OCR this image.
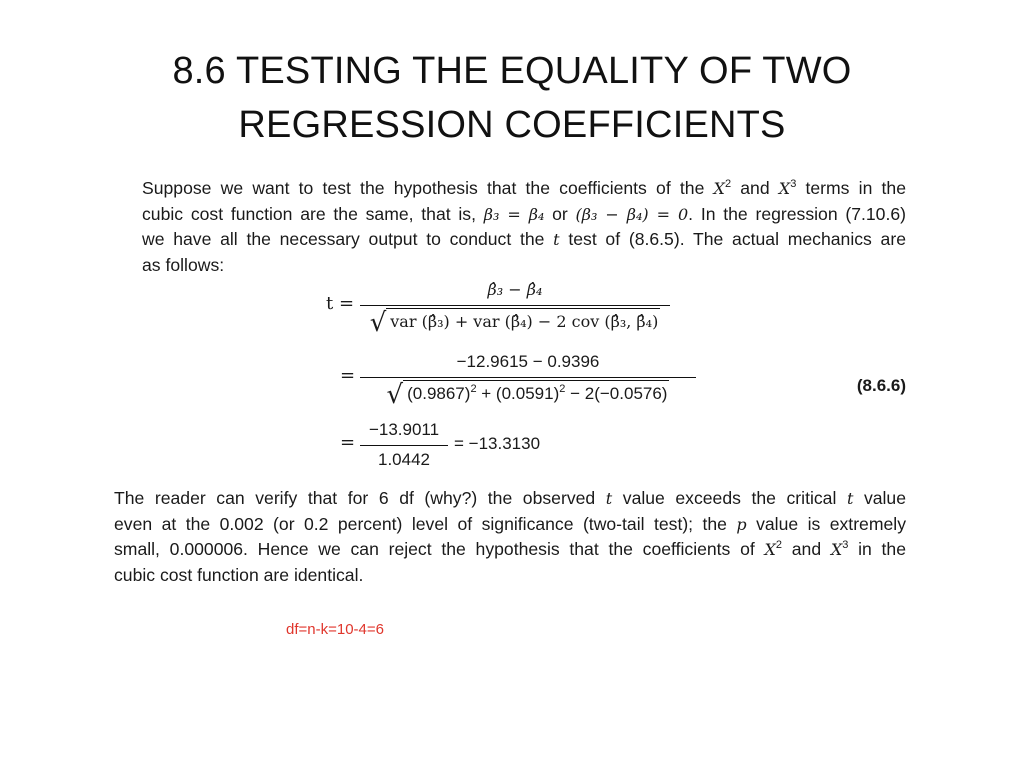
8.6 TESTING THE EQUALITY OF TWO
REGRESSION COEFFICIENTS
Suppose we want to test the hypothesis that the coefficients of the $X^2$ and $X^3$ terms in the
cubic cost function are the same, that is, β₃ = β₄ or (β₃ − β₄) = 0. In the regression (7.10.6)
we have all the necessary output to conduct the t test of (8.6.5). The actual mechanics are
as follows:
t =
β̂₃ − β̂₄
√ var (β̂₃) + var (β̂₄) − 2 cov (β̂₃, β̂₄)
=
−12.9615 − 0.9396
√ $(0.9867)^2 + (0.0591)^2 - 2(-0.0576)$	(8.6.6)
=
−13.9011
1.0442
= −13.3130
The reader can verify that for 6 df (why?) the observed t value exceeds the critical t value
even at the 0.002 (or 0.2 percent) level of significance (two-tail test); the p value is extremely
small, 0.000006. Hence we can reject the hypothesis that the coefficients of $X^2$ and $X^3$ in the
cubic cost function are identical.
df=n-k=10-4=6
